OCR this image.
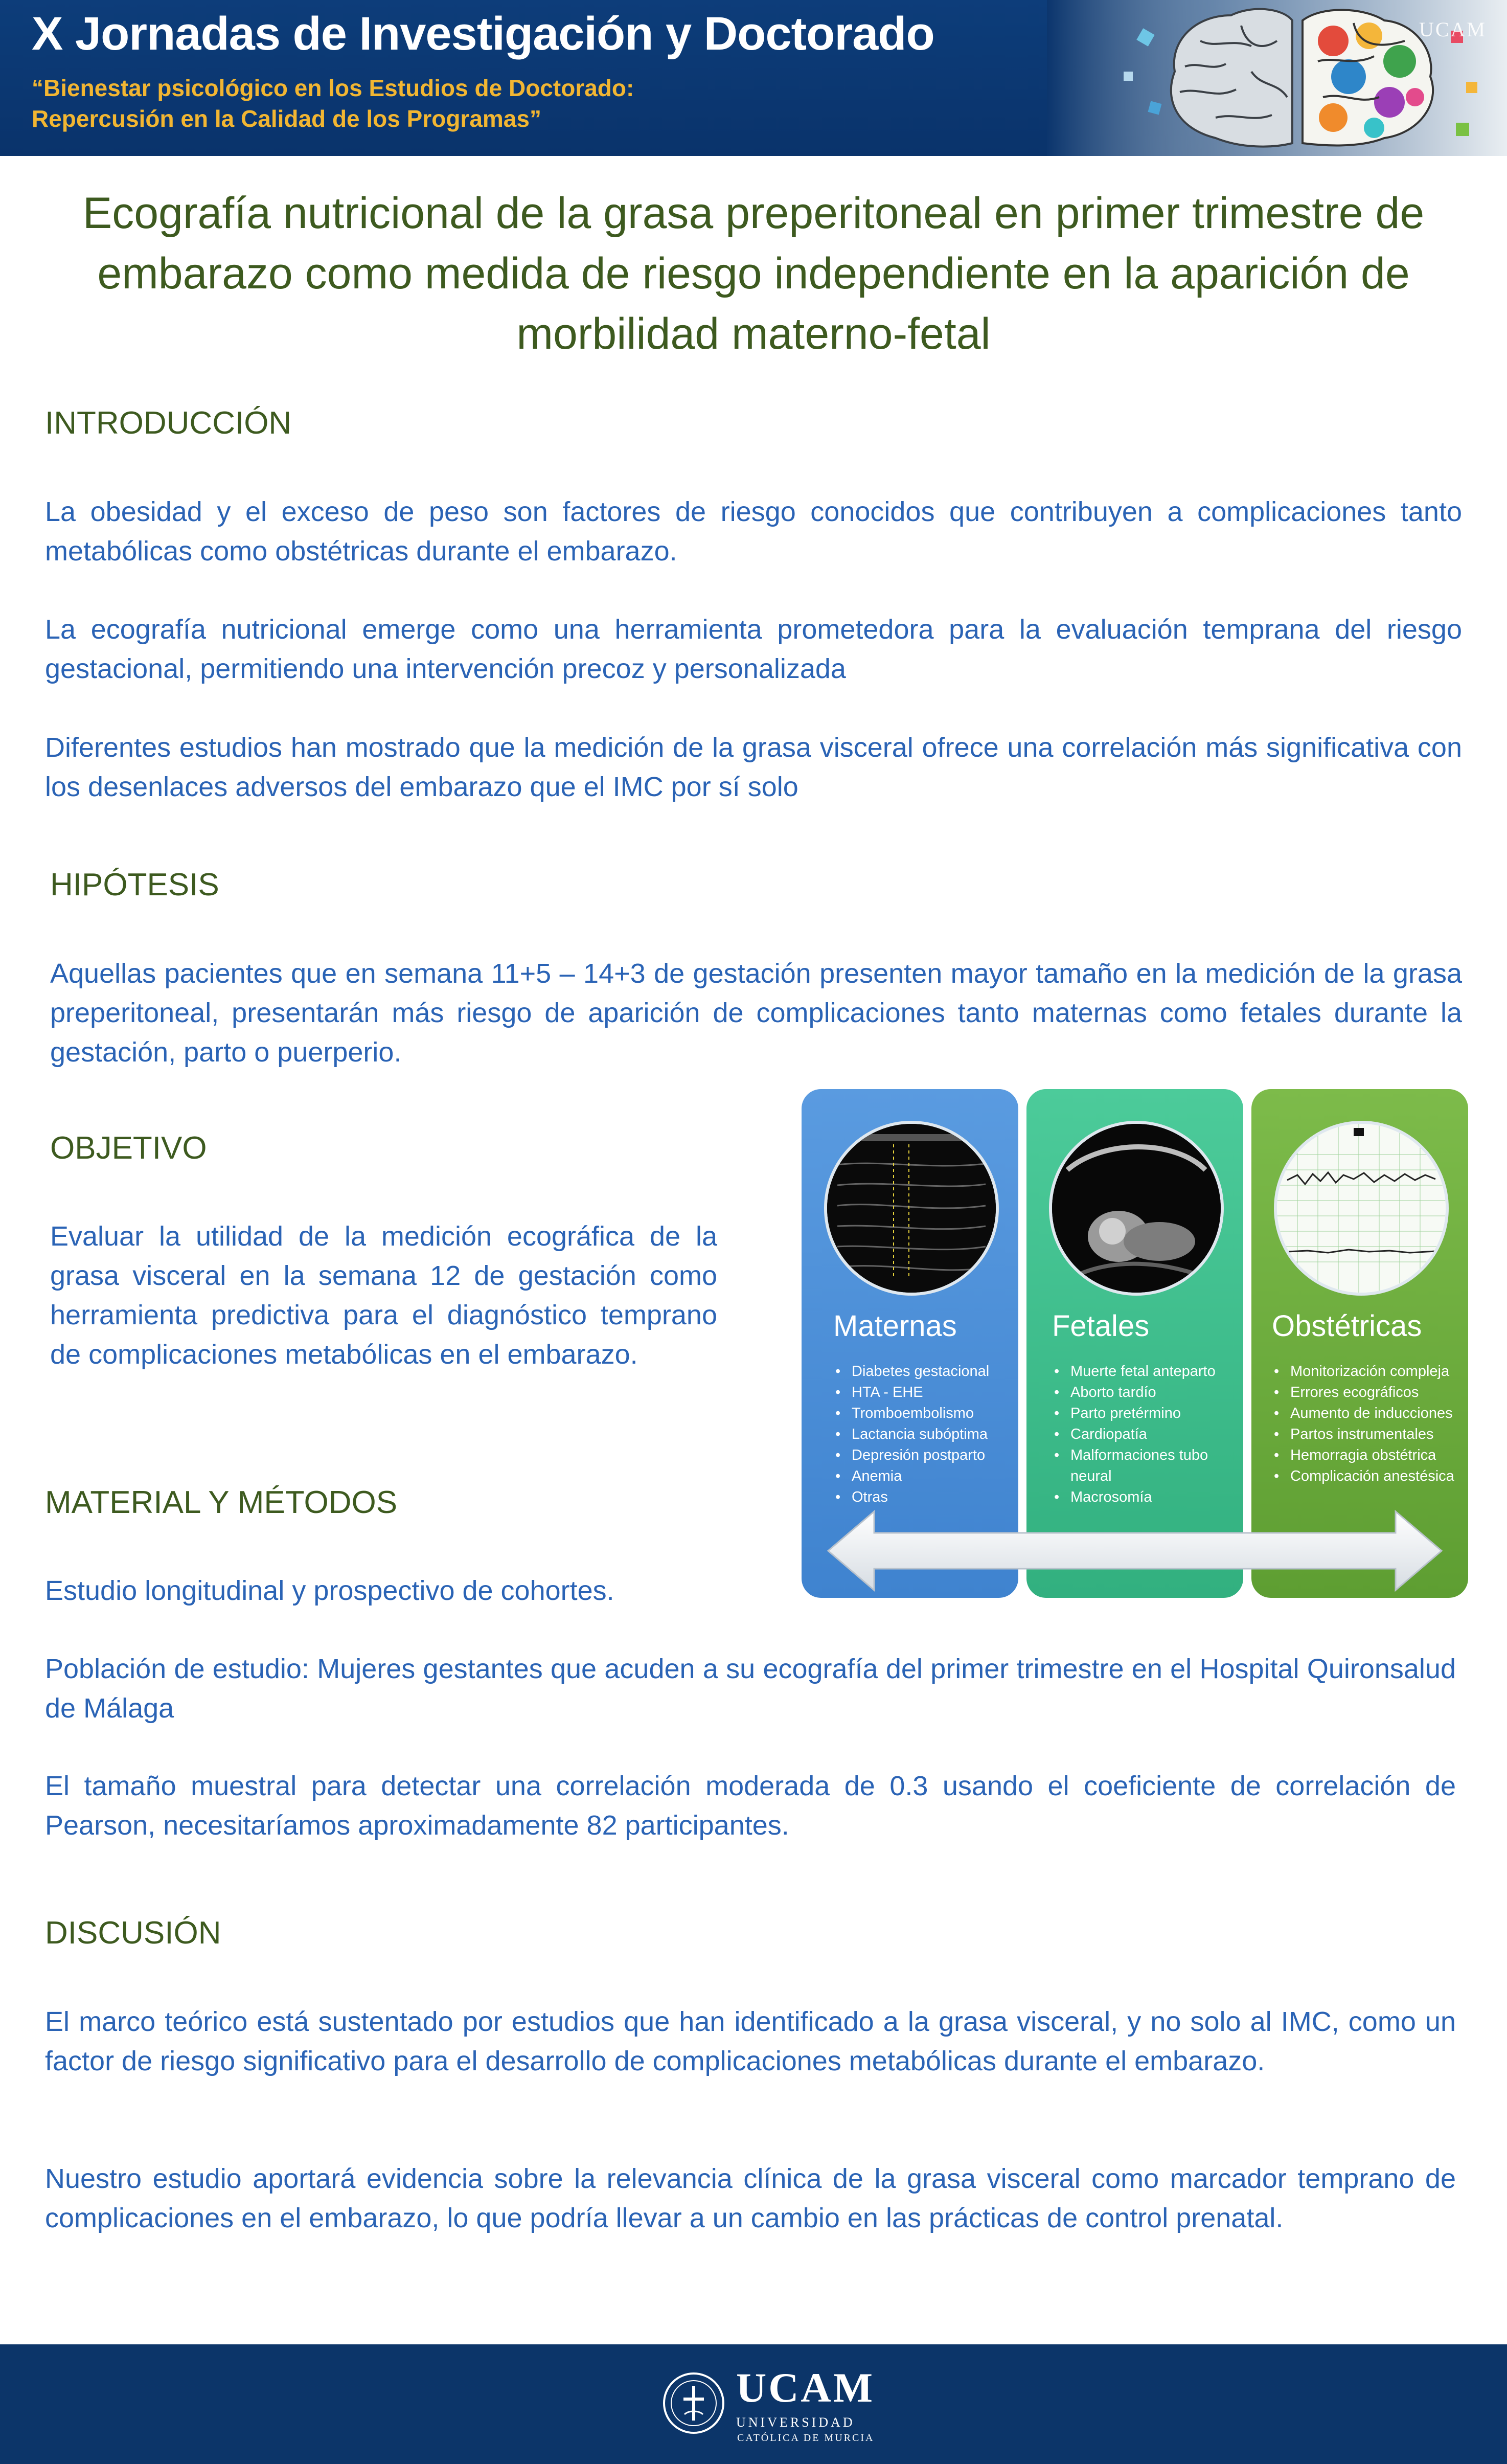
X Jornadas de Investigación y Doctorado
“Bienestar psicológico en los Estudios de Doctorado:
Repercusión en la Calidad de los Programas”
UCAM
Ecografía nutricional de la grasa preperitoneal en primer trimestre de embarazo como medida de riesgo independiente en la aparición de morbilidad materno-fetal
INTRODUCCIÓN

La obesidad y el exceso de peso son factores de riesgo conocidos que contribuyen a complicaciones tanto metabólicas como obstétricas durante el embarazo.

La ecografía nutricional emerge como una herramienta prometedora para la evaluación temprana del riesgo gestacional, permitiendo una intervención precoz y personalizada

Diferentes estudios han mostrado que la medición de la grasa visceral ofrece una correlación más significativa con los desenlaces adversos del embarazo que el IMC por sí solo

HIPÓTESIS

Aquellas pacientes que en semana 11+5 – 14+3 de gestación presenten mayor tamaño en la medición de la grasa preperitoneal, presentarán más riesgo de aparición de complicaciones tanto maternas como fetales durante la gestación, parto o puerperio.

OBJETIVO

Evaluar la utilidad de la medición ecográfica de la grasa visceral en la semana 12 de gestación como herramienta predictiva para el diagnóstico temprano de complicaciones metabólicas en el embarazo.

Maternas
• Diabetes gestacional
• HTA - EHE
• Tromboembolismo
• Lactancia subóptima
• Depresión postparto
• Anemia
• Otras
Fetales
• Muerte fetal anteparto
• Aborto tardío
• Parto pretérmino
• Cardiopatía
• Malformaciones tubo neural
• Macrosomía
Obstétricas
• Monitorización compleja
• Errores ecográficos
• Aumento de inducciones
• Partos instrumentales
• Hemorragia obstétrica
• Complicación anestésica
MATERIAL Y MÉTODOS

Estudio longitudinal y prospectivo de cohortes.

Población de estudio: Mujeres gestantes que acuden a su ecografía del primer trimestre en el Hospital Quironsalud de Málaga

El tamaño muestral para detectar una correlación moderada de 0.3 usando el coeficiente de correlación de Pearson, necesitaríamos aproximadamente 82 participantes.

DISCUSIÓN

El marco teórico está sustentado por estudios que han identificado a la grasa visceral, y no solo al IMC, como un factor de riesgo significativo para el desarrollo de complicaciones metabólicas durante el embarazo.

Nuestro estudio aportará evidencia sobre la relevancia clínica de la grasa visceral como marcador temprano de complicaciones en el embarazo, lo que podría llevar a un cambio en las prácticas de control prenatal.

UCAM
UNIVERSIDAD
CATÓLICA DE MURCIA
